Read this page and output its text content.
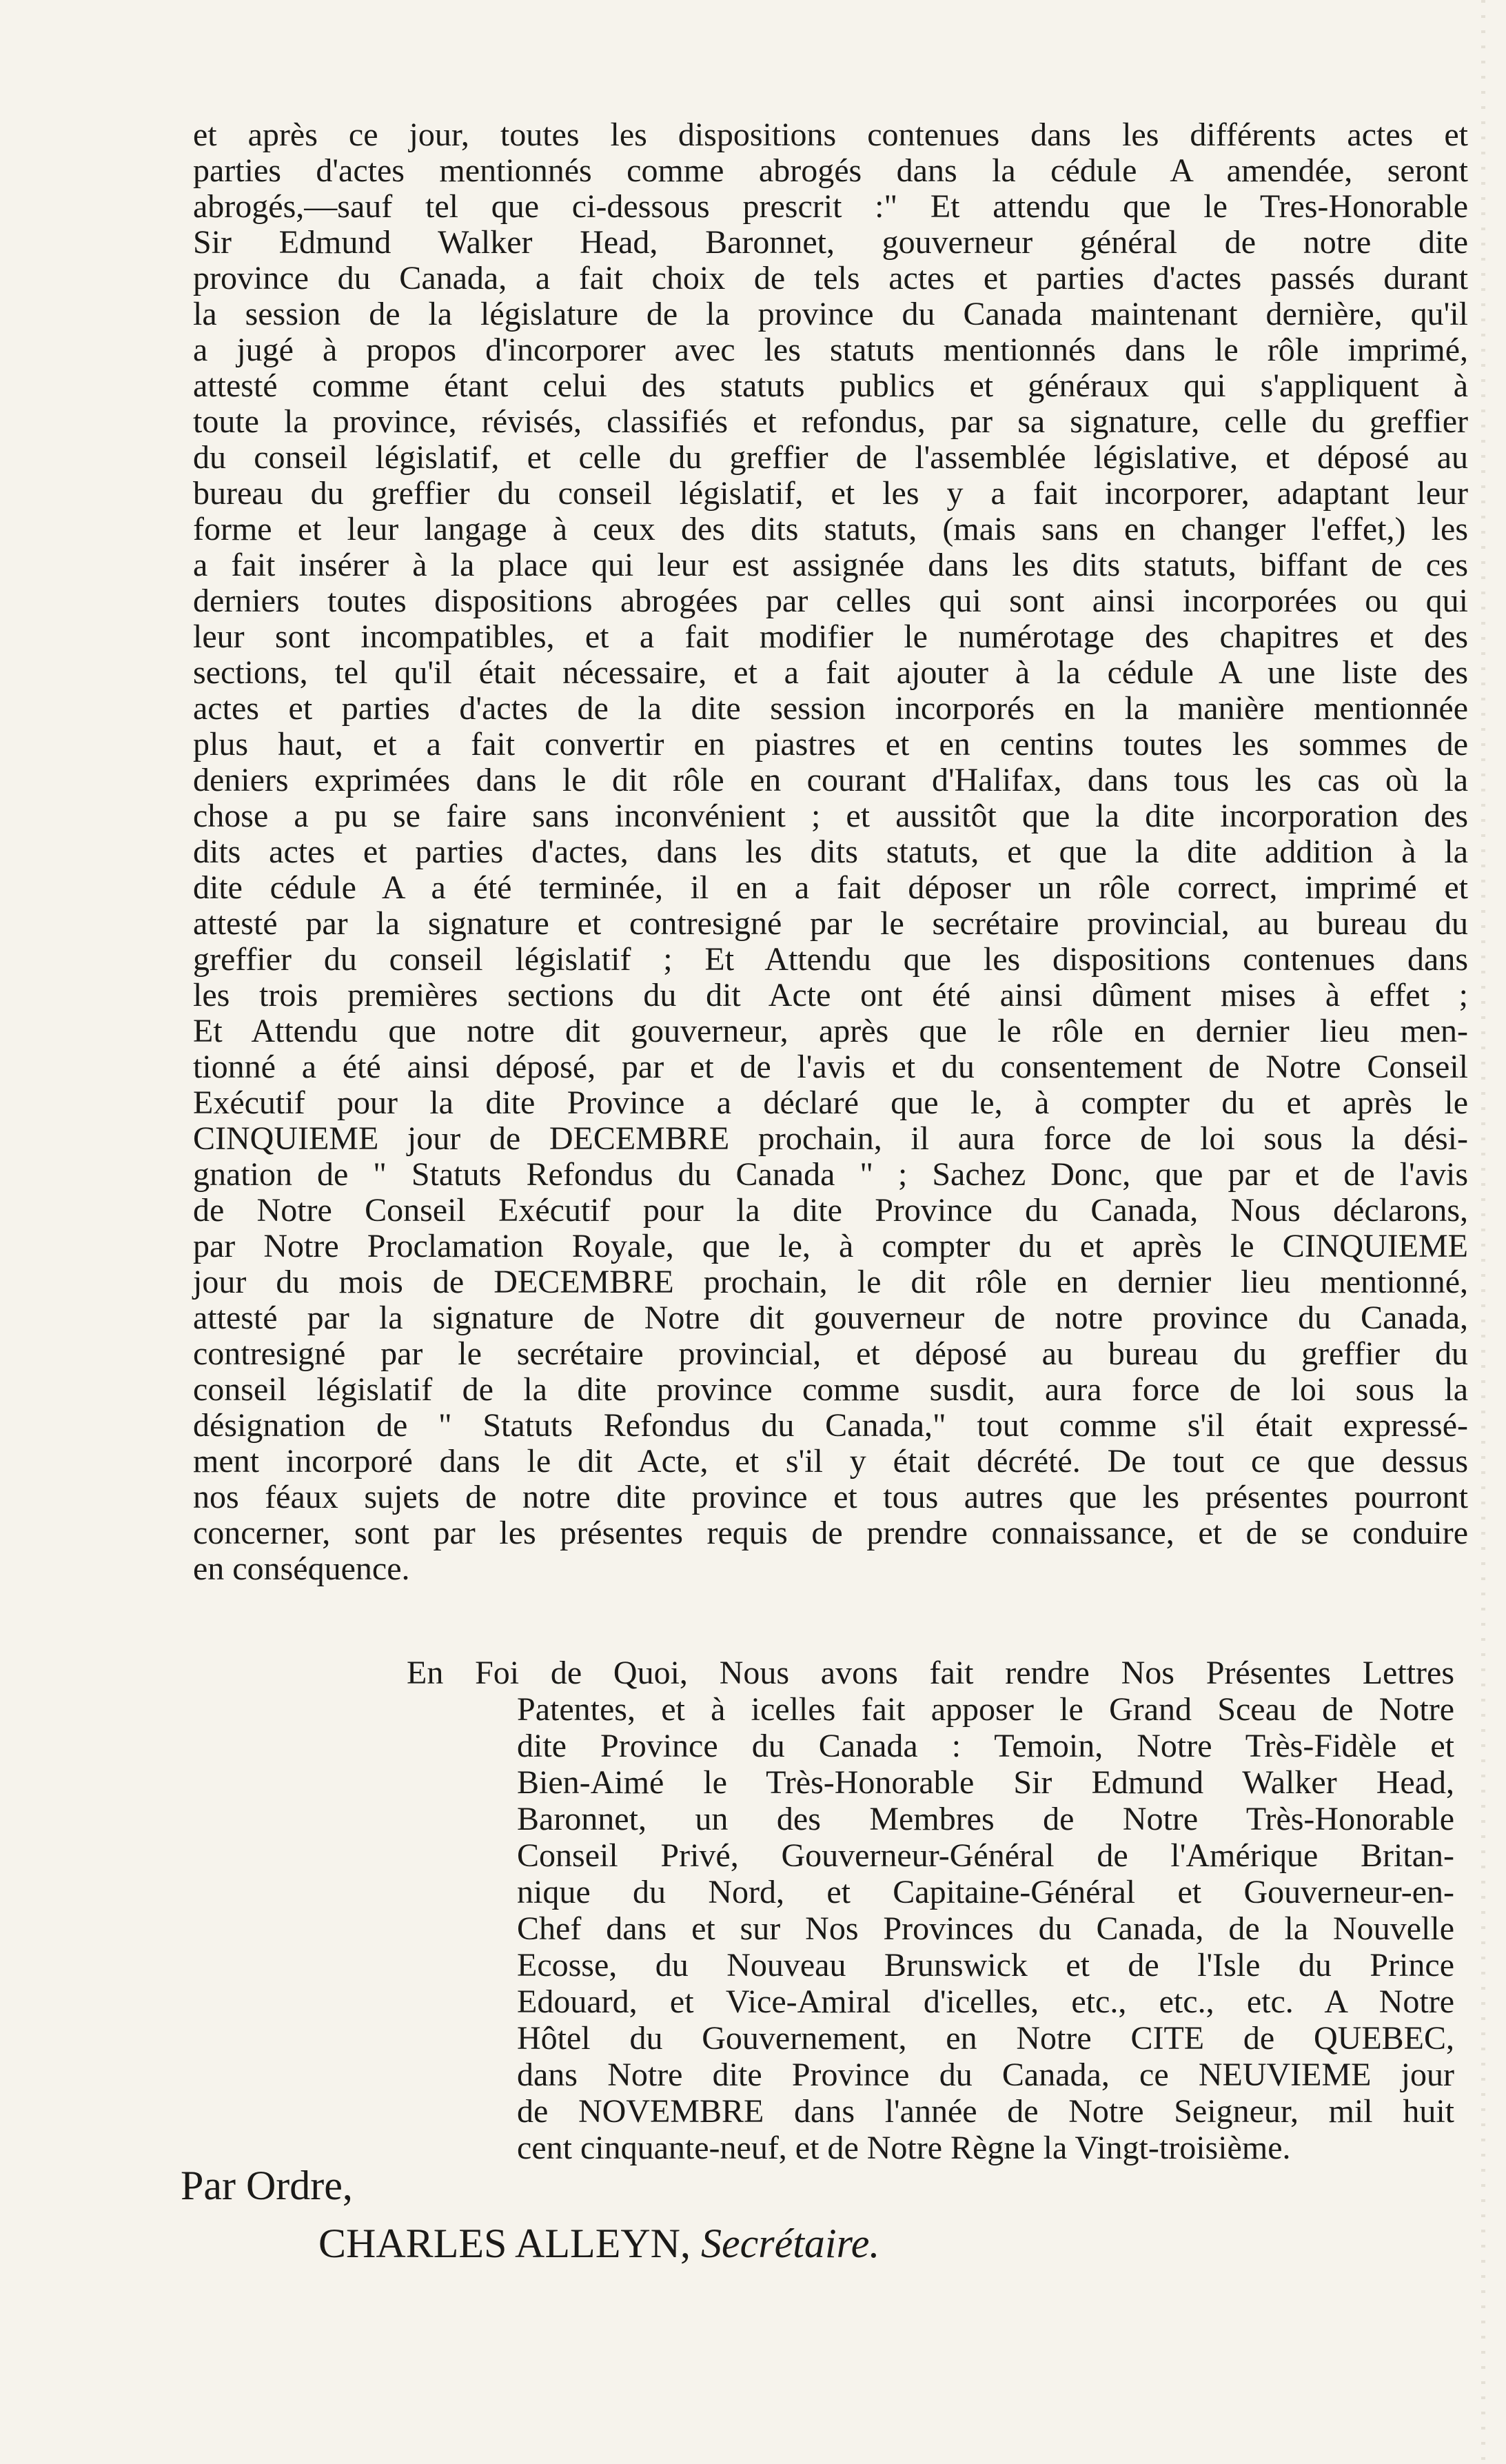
et après ce jour, toutes les dispositions contenues dans les différents actes et
parties d'actes mentionnés comme abrogés dans la cédule A amendée, seront
abrogés,—sauf tel que ci-dessous prescrit :" Et attendu que le Tres-Honorable
Sir Edmund Walker Head, Baronnet, gouverneur général de notre dite
province du Canada, a fait choix de tels actes et parties d'actes passés durant
la session de la législature de la province du Canada maintenant dernière, qu'il
a jugé à propos d'incorporer avec les statuts mentionnés dans le rôle imprimé,
attesté comme étant celui des statuts publics et généraux qui s'appliquent à
toute la province, révisés, classifiés et refondus, par sa signature, celle du greffier
du conseil législatif, et celle du greffier de l'assemblée législative, et déposé au
bureau du greffier du conseil législatif, et les y a fait incorporer, adaptant leur
forme et leur langage à ceux des dits statuts, (mais sans en changer l'effet,) les
a fait insérer à la place qui leur est assignée dans les dits statuts, biffant de ces
derniers toutes dispositions abrogées par celles qui sont ainsi incorporées ou qui
leur sont incompatibles, et a fait modifier le numérotage des chapitres et des
sections, tel qu'il était nécessaire, et a fait ajouter à la cédule A une liste des
actes et parties d'actes de la dite session incorporés en la manière mentionnée
plus haut, et a fait convertir en piastres et en centins toutes les sommes de
deniers exprimées dans le dit rôle en courant d'Halifax, dans tous les cas où la
chose a pu se faire sans inconvénient ; et aussitôt que la dite incorporation des
dits actes et parties d'actes, dans les dits statuts, et que la dite addition à la
dite cédule A a été terminée, il en a fait déposer un rôle correct, imprimé et
attesté par la signature et contresigné par le secrétaire provincial, au bureau du
greffier du conseil législatif ; Et Attendu que les dispositions contenues dans
les trois premières sections du dit Acte ont été ainsi dûment mises à effet ;
Et Attendu que notre dit gouverneur, après que le rôle en dernier lieu men-
tionné a été ainsi déposé, par et de l'avis et du consentement de Notre Conseil
Exécutif pour la dite Province a déclaré que le, à compter du et après le
CINQUIEME jour de DECEMBRE prochain, il aura force de loi sous la dési-
gnation de " Statuts Refondus du Canada " ; Sachez Donc, que par et de l'avis
de Notre Conseil Exécutif pour la dite Province du Canada, Nous déclarons,
par Notre Proclamation Royale, que le, à compter du et après le CINQUIEME
jour du mois de DECEMBRE prochain, le dit rôle en dernier lieu mentionné,
attesté par la signature de Notre dit gouverneur de notre province du Canada,
contresigné par le secrétaire provincial, et déposé au bureau du greffier du
conseil législatif de la dite province comme susdit, aura force de loi sous la
désignation de " Statuts Refondus du Canada," tout comme s'il était expressé-
ment incorporé dans le dit Acte, et s'il y était décrété. De tout ce que dessus
nos féaux sujets de notre dite province et tous autres que les présentes pourront
concerner, sont par les présentes requis de prendre connaissance, et de se conduire
en conséquence.
En Foi de Quoi, Nous avons fait rendre Nos Présentes Lettres
Patentes, et à icelles fait apposer le Grand Sceau de Notre
dite Province du Canada : Temoin, Notre Très-Fidèle et
Bien-Aimé le Très-Honorable Sir Edmund Walker Head,
Baronnet, un des Membres de Notre Très-Honorable
Conseil Privé, Gouverneur-Général de l'Amérique Britan-
nique du Nord, et Capitaine-Général et Gouverneur-en-
Chef dans et sur Nos Provinces du Canada, de la Nouvelle
Ecosse, du Nouveau Brunswick et de l'Isle du Prince
Edouard, et Vice-Amiral d'icelles, etc., etc., etc. A Notre
Hôtel du Gouvernement, en Notre CITE de QUEBEC,
dans Notre dite Province du Canada, ce NEUVIEME jour
de NOVEMBRE dans l'année de Notre Seigneur, mil huit
cent cinquante-neuf, et de Notre Règne la Vingt-troisième.
Par Ordre,
CHARLES ALLEYN, Secrétaire.
